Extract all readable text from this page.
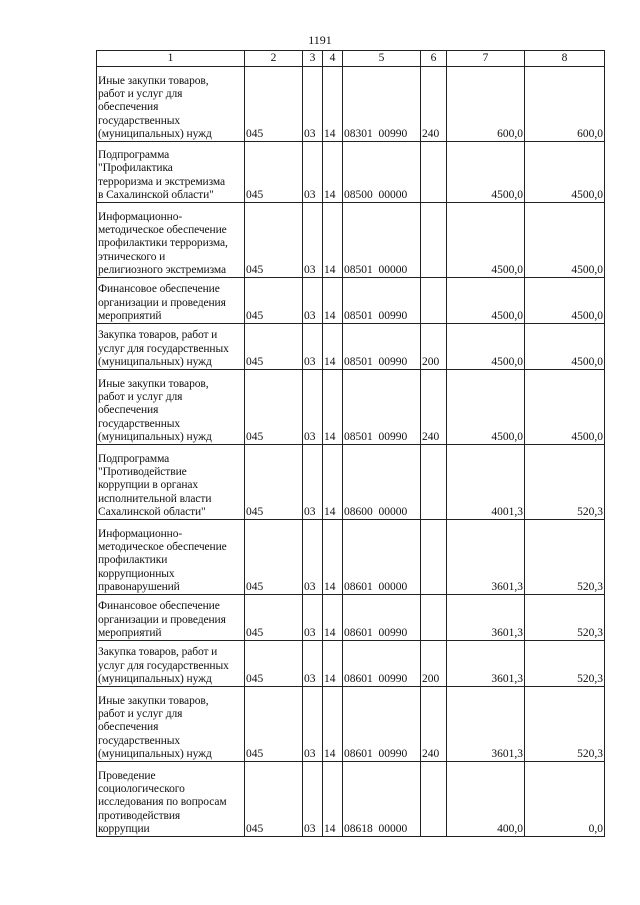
1191
1	2	3	4	5	6	7	8
Иные закупки товаров,
работ и услуг для
обеспечения
государственных
(муниципальных) нужд	045	03	14	08301  00990	240	600,0	600,0
Подпрограмма
"Профилактика
терроризма и экстремизма
в Сахалинской области"	045	03	14	08500  00000		4500,0	4500,0
Информационно-
методическое обеспечение
профилактики терроризма,
этнического и
религиозного экстремизма	045	03	14	08501  00000		4500,0	4500,0
Финансовое обеспечение
организации и проведения
мероприятий	045	03	14	08501  00990		4500,0	4500,0
Закупка товаров, работ и
услуг для государственных
(муниципальных) нужд	045	03	14	08501  00990	200	4500,0	4500,0
Иные закупки товаров,
работ и услуг для
обеспечения
государственных
(муниципальных) нужд	045	03	14	08501  00990	240	4500,0	4500,0
Подпрограмма
"Противодействие
коррупции в органах
исполнительной власти
Сахалинской области"	045	03	14	08600  00000		4001,3	520,3
Информационно-
методическое обеспечение
профилактики
коррупционных
правонарушений	045	03	14	08601  00000		3601,3	520,3
Финансовое обеспечение
организации и проведения
мероприятий	045	03	14	08601  00990		3601,3	520,3
Закупка товаров, работ и
услуг для государственных
(муниципальных) нужд	045	03	14	08601  00990	200	3601,3	520,3
Иные закупки товаров,
работ и услуг для
обеспечения
государственных
(муниципальных) нужд	045	03	14	08601  00990	240	3601,3	520,3
Проведение
социологического
исследования по вопросам
противодействия
коррупции	045	03	14	08618  00000		400,0	0,0
